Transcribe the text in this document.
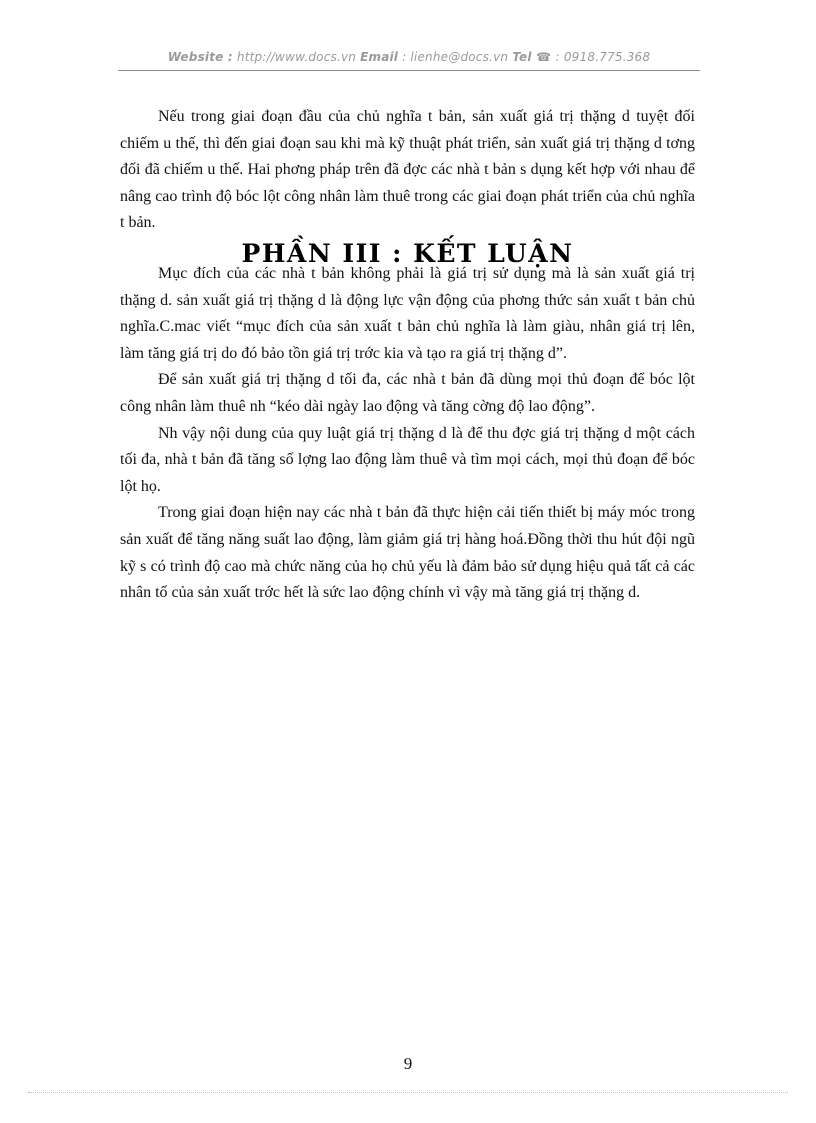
Website : http://www.docs.vn Email : lienhe@docs.vn Tel ☎ : 0918.775.368

Nếu trong giai đoạn đầu của chủ nghĩa t bản, sản xuất giá trị thặng d tuyệt đối chiếm u thế, thì đến giai đoạn sau khi mà kỹ thuật phát triển, sản xuất giá trị thặng d tơng đối đã chiếm u thế. Hai phơng pháp trên đã đợc các nhà t bản s dụng kết hợp với nhau để nâng cao trình độ bóc lột công nhân làm thuê trong các giai đoạn phát triển của chủ nghĩa t bản.

PHẦN III : KẾT LUẬN

Mục đích của các nhà t bản không phải là giá trị sử dụng mà là sản xuất giá trị thặng d. sản xuất giá trị thặng d là động lực vận động của phơng thức sản xuất t bản chủ nghĩa.C.mac viết “mục đích của sản xuất t bản chủ nghĩa là làm giàu, nhân giá trị lên, làm tăng giá trị do đó bảo tồn giá trị trớc kia và tạo ra giá trị thặng d”.

Để sản xuất giá trị thặng d tối đa, các nhà t bản đã dùng mọi thủ đoạn để bóc lột công nhân làm thuê nh “kéo dài ngày lao động và tăng cờng độ lao động”.

Nh vậy nội dung của quy luật giá trị thặng d là để thu đợc giá trị thặng d một cách tối đa, nhà t bản đã tăng số lợng lao động làm thuê và tìm mọi cách, mọi thủ đoạn để bóc lột họ.

Trong giai đoạn hiện nay các nhà t bản đã thực hiện cải tiến thiết bị máy móc trong sản xuất để tăng năng suất lao động, làm giảm giá trị hàng hoá.Đồng thời thu hút đội ngũ kỹ s có trình độ cao mà chức năng của họ chủ yếu là đảm bảo sử dụng hiệu quả tất cả các nhân tố của sản xuất trớc hết là sức lao động chính vì vậy mà tăng giá trị thặng d.

9
